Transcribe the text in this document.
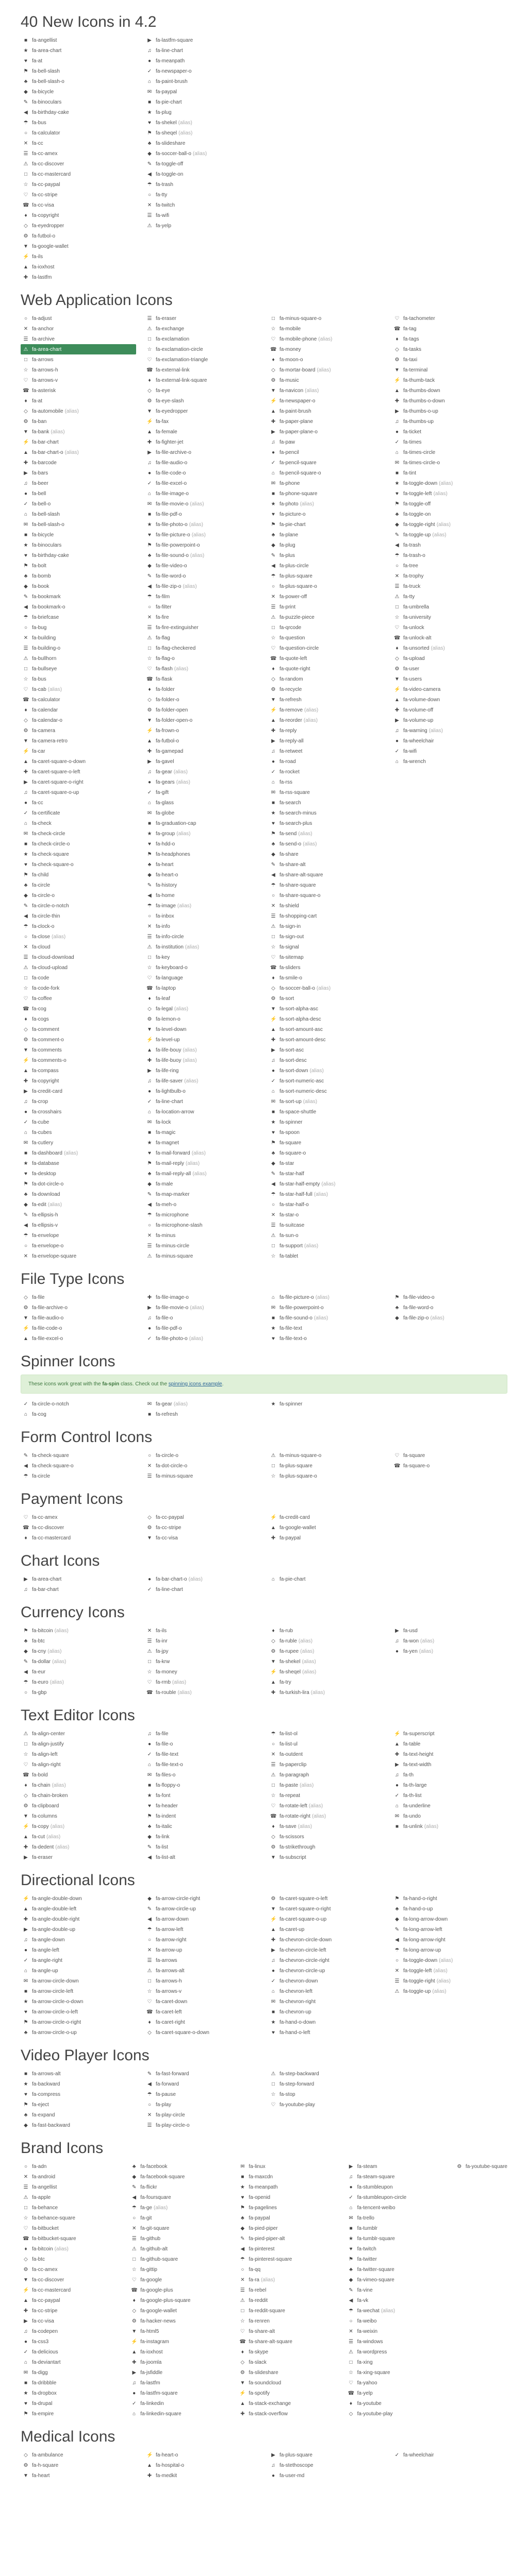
40 New Icons in 4.2
■ fa-angellist
★ fa-area-chart
♥ fa-at
⚑ fa-bell-slash
♣ fa-bell-slash-o
◆ fa-bicycle
✎ fa-binoculars
◀ fa-birthday-cake
☂ fa-bus
○ fa-calculator
✕ fa-cc
☰ fa-cc-amex
⚠ fa-cc-discover
□ fa-cc-mastercard
☆ fa-cc-paypal
♡ fa-cc-stripe
☎ fa-cc-visa
♦ fa-copyright
◇ fa-eyedropper
⚙ fa-futbol-o
▼ fa-google-wallet
⚡ fa-ils
▲ fa-ioxhost
✚ fa-lastfm
▶ fa-lastfm-square
♫ fa-line-chart
● fa-meanpath
✓ fa-newspaper-o
⌂ fa-paint-brush
✉ fa-paypal
■ fa-pie-chart
★ fa-plug
♥ fa-shekel (alias)
⚑ fa-sheqel (alias)
♣ fa-slideshare
◆ fa-soccer-ball-o (alias)
✎ fa-toggle-off
◀ fa-toggle-on
☂ fa-trash
○ fa-tty
✕ fa-twitch
☰ fa-wifi
⚠ fa-yelp
Web Application Icons
○ fa-adjust
✕ fa-anchor
☰ fa-archive
⚠ fa-area-chart
□ fa-arrows
☆ fa-arrows-h
♡ fa-arrows-v
☎ fa-asterisk
♦ fa-at
◇ fa-automobile (alias)
⚙ fa-ban
▼ fa-bank (alias)
⚡ fa-bar-chart
▲ fa-bar-chart-o (alias)
✚ fa-barcode
▶ fa-bars
♫ fa-beer
● fa-bell
✓ fa-bell-o
⌂ fa-bell-slash
✉ fa-bell-slash-o
■ fa-bicycle
★ fa-binoculars
♥ fa-birthday-cake
⚑ fa-bolt
♣ fa-bomb
◆ fa-book
✎ fa-bookmark
◀ fa-bookmark-o
☂ fa-briefcase
○ fa-bug
✕ fa-building
☰ fa-building-o
⚠ fa-bullhorn
□ fa-bullseye
☆ fa-bus
♡ fa-cab (alias)
☎ fa-calculator
♦ fa-calendar
◇ fa-calendar-o
⚙ fa-camera
▼ fa-camera-retro
⚡ fa-car
▲ fa-caret-square-o-down
✚ fa-caret-square-o-left
▶ fa-caret-square-o-right
♫ fa-caret-square-o-up
● fa-cc
✓ fa-certificate
⌂ fa-check
✉ fa-check-circle
■ fa-check-circle-o
★ fa-check-square
♥ fa-check-square-o
⚑ fa-child
♣ fa-circle
◆ fa-circle-o
✎ fa-circle-o-notch
◀ fa-circle-thin
☂ fa-clock-o
○ fa-close (alias)
✕ fa-cloud
☰ fa-cloud-download
⚠ fa-cloud-upload
□ fa-code
☆ fa-code-fork
♡ fa-coffee
☎ fa-cog
♦ fa-cogs
◇ fa-comment
⚙ fa-comment-o
▼ fa-comments
⚡ fa-comments-o
▲ fa-compass
✚ fa-copyright
▶ fa-credit-card
♫ fa-crop
● fa-crosshairs
✓ fa-cube
⌂ fa-cubes
✉ fa-cutlery
■ fa-dashboard (alias)
★ fa-database
♥ fa-desktop
⚑ fa-dot-circle-o
♣ fa-download
◆ fa-edit (alias)
✎ fa-ellipsis-h
◀ fa-ellipsis-v
☂ fa-envelope
○ fa-envelope-o
✕ fa-envelope-square
☰ fa-eraser
⚠ fa-exchange
□ fa-exclamation
☆ fa-exclamation-circle
♡ fa-exclamation-triangle
☎ fa-external-link
♦ fa-external-link-square
◇ fa-eye
⚙ fa-eye-slash
▼ fa-eyedropper
⚡ fa-fax
▲ fa-female
✚ fa-fighter-jet
▶ fa-file-archive-o
♫ fa-file-audio-o
● fa-file-code-o
✓ fa-file-excel-o
⌂ fa-file-image-o
✉ fa-file-movie-o (alias)
■ fa-file-pdf-o
★ fa-file-photo-o (alias)
♥ fa-file-picture-o (alias)
⚑ fa-file-powerpoint-o
♣ fa-file-sound-o (alias)
◆ fa-file-video-o
✎ fa-file-word-o
◀ fa-file-zip-o (alias)
☂ fa-film
○ fa-filter
✕ fa-fire
☰ fa-fire-extinguisher
⚠ fa-flag
□ fa-flag-checkered
☆ fa-flag-o
♡ fa-flash (alias)
☎ fa-flask
♦ fa-folder
◇ fa-folder-o
⚙ fa-folder-open
▼ fa-folder-open-o
⚡ fa-frown-o
▲ fa-futbol-o
✚ fa-gamepad
▶ fa-gavel
♫ fa-gear (alias)
● fa-gears (alias)
✓ fa-gift
⌂ fa-glass
✉ fa-globe
■ fa-graduation-cap
★ fa-group (alias)
♥ fa-hdd-o
⚑ fa-headphones
♣ fa-heart
◆ fa-heart-o
✎ fa-history
◀ fa-home
☂ fa-image (alias)
○ fa-inbox
✕ fa-info
☰ fa-info-circle
⚠ fa-institution (alias)
□ fa-key
☆ fa-keyboard-o
♡ fa-language
☎ fa-laptop
♦ fa-leaf
◇ fa-legal (alias)
⚙ fa-lemon-o
▼ fa-level-down
⚡ fa-level-up
▲ fa-life-bouy (alias)
✚ fa-life-buoy (alias)
▶ fa-life-ring
♫ fa-life-saver (alias)
● fa-lightbulb-o
✓ fa-line-chart
⌂ fa-location-arrow
✉ fa-lock
■ fa-magic
★ fa-magnet
♥ fa-mail-forward (alias)
⚑ fa-mail-reply (alias)
♣ fa-mail-reply-all (alias)
◆ fa-male
✎ fa-map-marker
◀ fa-meh-o
☂ fa-microphone
○ fa-microphone-slash
✕ fa-minus
☰ fa-minus-circle
⚠ fa-minus-square
□ fa-minus-square-o
☆ fa-mobile
♡ fa-mobile-phone (alias)
☎ fa-money
♦ fa-moon-o
◇ fa-mortar-board (alias)
⚙ fa-music
▼ fa-navicon (alias)
⚡ fa-newspaper-o
▲ fa-paint-brush
✚ fa-paper-plane
▶ fa-paper-plane-o
♫ fa-paw
● fa-pencil
✓ fa-pencil-square
⌂ fa-pencil-square-o
✉ fa-phone
■ fa-phone-square
★ fa-photo (alias)
♥ fa-picture-o
⚑ fa-pie-chart
♣ fa-plane
◆ fa-plug
✎ fa-plus
◀ fa-plus-circle
☂ fa-plus-square
○ fa-plus-square-o
✕ fa-power-off
☰ fa-print
⚠ fa-puzzle-piece
□ fa-qrcode
☆ fa-question
♡ fa-question-circle
☎ fa-quote-left
♦ fa-quote-right
◇ fa-random
⚙ fa-recycle
▼ fa-refresh
⚡ fa-remove (alias)
▲ fa-reorder (alias)
✚ fa-reply
▶ fa-reply-all
♫ fa-retweet
● fa-road
✓ fa-rocket
⌂ fa-rss
✉ fa-rss-square
■ fa-search
★ fa-search-minus
♥ fa-search-plus
⚑ fa-send (alias)
♣ fa-send-o (alias)
◆ fa-share
✎ fa-share-alt
◀ fa-share-alt-square
☂ fa-share-square
○ fa-share-square-o
✕ fa-shield
☰ fa-shopping-cart
⚠ fa-sign-in
□ fa-sign-out
☆ fa-signal
♡ fa-sitemap
☎ fa-sliders
♦ fa-smile-o
◇ fa-soccer-ball-o (alias)
⚙ fa-sort
▼ fa-sort-alpha-asc
⚡ fa-sort-alpha-desc
▲ fa-sort-amount-asc
✚ fa-sort-amount-desc
▶ fa-sort-asc
♫ fa-sort-desc
● fa-sort-down (alias)
✓ fa-sort-numeric-asc
⌂ fa-sort-numeric-desc
✉ fa-sort-up (alias)
■ fa-space-shuttle
★ fa-spinner
♥ fa-spoon
⚑ fa-square
♣ fa-square-o
◆ fa-star
✎ fa-star-half
◀ fa-star-half-empty (alias)
☂ fa-star-half-full (alias)
○ fa-star-half-o
✕ fa-star-o
☰ fa-suitcase
⚠ fa-sun-o
□ fa-support (alias)
☆ fa-tablet
♡ fa-tachometer
☎ fa-tag
♦ fa-tags
◇ fa-tasks
⚙ fa-taxi
▼ fa-terminal
⚡ fa-thumb-tack
▲ fa-thumbs-down
✚ fa-thumbs-o-down
▶ fa-thumbs-o-up
♫ fa-thumbs-up
● fa-ticket
✓ fa-times
⌂ fa-times-circle
✉ fa-times-circle-o
■ fa-tint
★ fa-toggle-down (alias)
♥ fa-toggle-left (alias)
⚑ fa-toggle-off
♣ fa-toggle-on
◆ fa-toggle-right (alias)
✎ fa-toggle-up (alias)
◀ fa-trash
☂ fa-trash-o
○ fa-tree
✕ fa-trophy
☰ fa-truck
⚠ fa-tty
□ fa-umbrella
☆ fa-university
♡ fa-unlock
☎ fa-unlock-alt
♦ fa-unsorted (alias)
◇ fa-upload
⚙ fa-user
▼ fa-users
⚡ fa-video-camera
▲ fa-volume-down
✚ fa-volume-off
▶ fa-volume-up
♫ fa-warning (alias)
● fa-wheelchair
✓ fa-wifi
⌂ fa-wrench
File Type Icons
◇ fa-file
⚙ fa-file-archive-o
▼ fa-file-audio-o
⚡ fa-file-code-o
▲ fa-file-excel-o
✚ fa-file-image-o
▶ fa-file-movie-o (alias)
♫ fa-file-o
● fa-file-pdf-o
✓ fa-file-photo-o (alias)
⌂ fa-file-picture-o (alias)
✉ fa-file-powerpoint-o
■ fa-file-sound-o (alias)
★ fa-file-text
♥ fa-file-text-o
⚑ fa-file-video-o
♣ fa-file-word-o
◆ fa-file-zip-o (alias)
Spinner Icons
These icons work great with the fa-spin class. Check out the spinning icons example.
✓ fa-circle-o-notch
⌂ fa-cog
✉ fa-gear (alias)
■ fa-refresh
★ fa-spinner
Form Control Icons
✎ fa-check-square
◀ fa-check-square-o
☂ fa-circle
○ fa-circle-o
✕ fa-dot-circle-o
☰ fa-minus-square
⚠ fa-minus-square-o
□ fa-plus-square
☆ fa-plus-square-o
♡ fa-square
☎ fa-square-o
Payment Icons
♡ fa-cc-amex
☎ fa-cc-discover
♦ fa-cc-mastercard
◇ fa-cc-paypal
⚙ fa-cc-stripe
▼ fa-cc-visa
⚡ fa-credit-card
▲ fa-google-wallet
✚ fa-paypal
Chart Icons
▶ fa-area-chart
♫ fa-bar-chart
● fa-bar-chart-o (alias)
✓ fa-line-chart
⌂ fa-pie-chart
Currency Icons
⚑ fa-bitcoin (alias)
♣ fa-btc
◆ fa-cny (alias)
✎ fa-dollar (alias)
◀ fa-eur
☂ fa-euro (alias)
○ fa-gbp
✕ fa-ils
☰ fa-inr
⚠ fa-jpy
□ fa-krw
☆ fa-money
♡ fa-rmb (alias)
☎ fa-rouble (alias)
♦ fa-rub
◇ fa-ruble (alias)
⚙ fa-rupee (alias)
▼ fa-shekel (alias)
⚡ fa-sheqel (alias)
▲ fa-try
✚ fa-turkish-lira (alias)
▶ fa-usd
♫ fa-won (alias)
● fa-yen (alias)
Text Editor Icons
⚠ fa-align-center
□ fa-align-justify
☆ fa-align-left
♡ fa-align-right
☎ fa-bold
♦ fa-chain (alias)
◇ fa-chain-broken
⚙ fa-clipboard
▼ fa-columns
⚡ fa-copy (alias)
▲ fa-cut (alias)
✚ fa-dedent (alias)
▶ fa-eraser
♫ fa-file
● fa-file-o
✓ fa-file-text
⌂ fa-file-text-o
✉ fa-files-o
■ fa-floppy-o
★ fa-font
♥ fa-header
⚑ fa-indent
♣ fa-italic
◆ fa-link
✎ fa-list
◀ fa-list-alt
☂ fa-list-ol
○ fa-list-ul
✕ fa-outdent
☰ fa-paperclip
⚠ fa-paragraph
□ fa-paste (alias)
☆ fa-repeat
♡ fa-rotate-left (alias)
☎ fa-rotate-right (alias)
♦ fa-save (alias)
◇ fa-scissors
⚙ fa-strikethrough
▼ fa-subscript
⚡ fa-superscript
▲ fa-table
✚ fa-text-height
▶ fa-text-width
♫ fa-th
● fa-th-large
✓ fa-th-list
⌂ fa-underline
✉ fa-undo
■ fa-unlink (alias)
Directional Icons
⚡ fa-angle-double-down
▲ fa-angle-double-left
✚ fa-angle-double-right
▶ fa-angle-double-up
♫ fa-angle-down
● fa-angle-left
✓ fa-angle-right
⌂ fa-angle-up
✉ fa-arrow-circle-down
■ fa-arrow-circle-left
★ fa-arrow-circle-o-down
♥ fa-arrow-circle-o-left
⚑ fa-arrow-circle-o-right
♣ fa-arrow-circle-o-up
◆ fa-arrow-circle-right
✎ fa-arrow-circle-up
◀ fa-arrow-down
☂ fa-arrow-left
○ fa-arrow-right
✕ fa-arrow-up
☰ fa-arrows
⚠ fa-arrows-alt
□ fa-arrows-h
☆ fa-arrows-v
♡ fa-caret-down
☎ fa-caret-left
♦ fa-caret-right
◇ fa-caret-square-o-down
⚙ fa-caret-square-o-left
▼ fa-caret-square-o-right
⚡ fa-caret-square-o-up
▲ fa-caret-up
✚ fa-chevron-circle-down
▶ fa-chevron-circle-left
♫ fa-chevron-circle-right
● fa-chevron-circle-up
✓ fa-chevron-down
⌂ fa-chevron-left
✉ fa-chevron-right
■ fa-chevron-up
★ fa-hand-o-down
♥ fa-hand-o-left
⚑ fa-hand-o-right
♣ fa-hand-o-up
◆ fa-long-arrow-down
✎ fa-long-arrow-left
◀ fa-long-arrow-right
☂ fa-long-arrow-up
○ fa-toggle-down (alias)
✕ fa-toggle-left (alias)
☰ fa-toggle-right (alias)
⚠ fa-toggle-up (alias)
Video Player Icons
■ fa-arrows-alt
★ fa-backward
♥ fa-compress
⚑ fa-eject
♣ fa-expand
◆ fa-fast-backward
✎ fa-fast-forward
◀ fa-forward
☂ fa-pause
○ fa-play
✕ fa-play-circle
☰ fa-play-circle-o
⚠ fa-step-backward
□ fa-step-forward
☆ fa-stop
♡ fa-youtube-play
Brand Icons
○ fa-adn
✕ fa-android
☰ fa-angellist
⚠ fa-apple
□ fa-behance
☆ fa-behance-square
♡ fa-bitbucket
☎ fa-bitbucket-square
♦ fa-bitcoin (alias)
◇ fa-btc
⚙ fa-cc-amex
▼ fa-cc-discover
⚡ fa-cc-mastercard
▲ fa-cc-paypal
✚ fa-cc-stripe
▶ fa-cc-visa
♫ fa-codepen
● fa-css3
✓ fa-delicious
⌂ fa-deviantart
✉ fa-digg
■ fa-dribbble
★ fa-dropbox
♥ fa-drupal
⚑ fa-empire
♣ fa-facebook
◆ fa-facebook-square
✎ fa-flickr
◀ fa-foursquare
☂ fa-ge (alias)
○ fa-git
✕ fa-git-square
☰ fa-github
⚠ fa-github-alt
□ fa-github-square
☆ fa-gittip
♡ fa-google
☎ fa-google-plus
♦ fa-google-plus-square
◇ fa-google-wallet
⚙ fa-hacker-news
▼ fa-html5
⚡ fa-instagram
▲ fa-ioxhost
✚ fa-joomla
▶ fa-jsfiddle
♫ fa-lastfm
● fa-lastfm-square
✓ fa-linkedin
⌂ fa-linkedin-square
✉ fa-linux
■ fa-maxcdn
★ fa-meanpath
♥ fa-openid
⚑ fa-pagelines
♣ fa-paypal
◆ fa-pied-piper
✎ fa-pied-piper-alt
◀ fa-pinterest
☂ fa-pinterest-square
○ fa-qq
✕ fa-ra (alias)
☰ fa-rebel
⚠ fa-reddit
□ fa-reddit-square
☆ fa-renren
♡ fa-share-alt
☎ fa-share-alt-square
♦ fa-skype
◇ fa-slack
⚙ fa-slideshare
▼ fa-soundcloud
⚡ fa-spotify
▲ fa-stack-exchange
✚ fa-stack-overflow
▶ fa-steam
♫ fa-steam-square
● fa-stumbleupon
✓ fa-stumbleupon-circle
⌂ fa-tencent-weibo
✉ fa-trello
■ fa-tumblr
★ fa-tumblr-square
♥ fa-twitch
⚑ fa-twitter
♣ fa-twitter-square
◆ fa-vimeo-square
✎ fa-vine
◀ fa-vk
☂ fa-wechat (alias)
○ fa-weibo
✕ fa-weixin
☰ fa-windows
⚠ fa-wordpress
□ fa-xing
☆ fa-xing-square
♡ fa-yahoo
☎ fa-yelp
♦ fa-youtube
◇ fa-youtube-play
⚙ fa-youtube-square
Medical Icons
◇ fa-ambulance
⚙ fa-h-square
▼ fa-heart
⚡ fa-heart-o
▲ fa-hospital-o
✚ fa-medkit
▶ fa-plus-square
♫ fa-stethoscope
● fa-user-md
✓ fa-wheelchair
